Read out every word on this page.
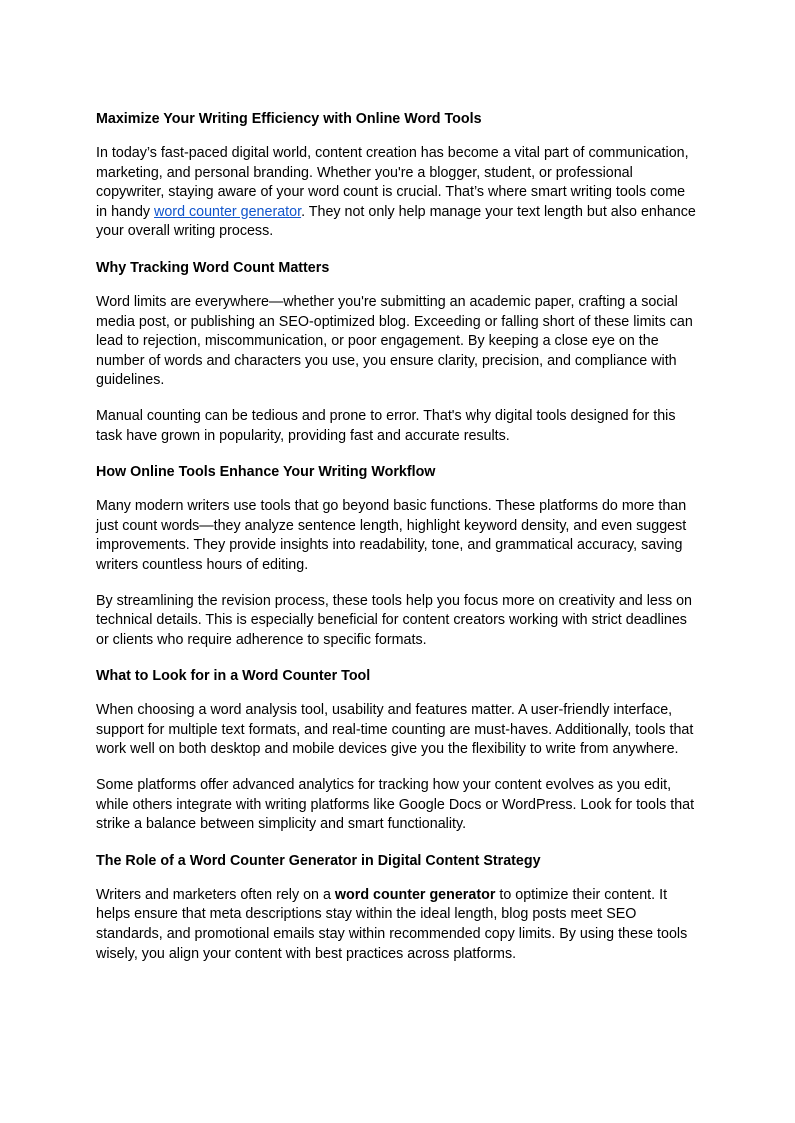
Maximize Your Writing Efficiency with Online Word Tools

In today’s fast-paced digital world, content creation has become a vital part of communication, marketing, and personal branding. Whether you're a blogger, student, or professional copywriter, staying aware of your word count is crucial. That’s where smart writing tools come in handy word counter generator. They not only help manage your text length but also enhance your overall writing process.

Why Tracking Word Count Matters

Word limits are everywhere—whether you're submitting an academic paper, crafting a social media post, or publishing an SEO-optimized blog. Exceeding or falling short of these limits can lead to rejection, miscommunication, or poor engagement. By keeping a close eye on the number of words and characters you use, you ensure clarity, precision, and compliance with guidelines.

Manual counting can be tedious and prone to error. That's why digital tools designed for this task have grown in popularity, providing fast and accurate results.

How Online Tools Enhance Your Writing Workflow

Many modern writers use tools that go beyond basic functions. These platforms do more than just count words—they analyze sentence length, highlight keyword density, and even suggest improvements. They provide insights into readability, tone, and grammatical accuracy, saving writers countless hours of editing.

By streamlining the revision process, these tools help you focus more on creativity and less on technical details. This is especially beneficial for content creators working with strict deadlines or clients who require adherence to specific formats.

What to Look for in a Word Counter Tool

When choosing a word analysis tool, usability and features matter. A user-friendly interface, support for multiple text formats, and real-time counting are must-haves. Additionally, tools that work well on both desktop and mobile devices give you the flexibility to write from anywhere.

Some platforms offer advanced analytics for tracking how your content evolves as you edit, while others integrate with writing platforms like Google Docs or WordPress. Look for tools that strike a balance between simplicity and smart functionality.

The Role of a Word Counter Generator in Digital Content Strategy

Writers and marketers often rely on a word counter generator to optimize their content. It helps ensure that meta descriptions stay within the ideal length, blog posts meet SEO standards, and promotional emails stay within recommended copy limits. By using these tools wisely, you align your content with best practices across platforms.
